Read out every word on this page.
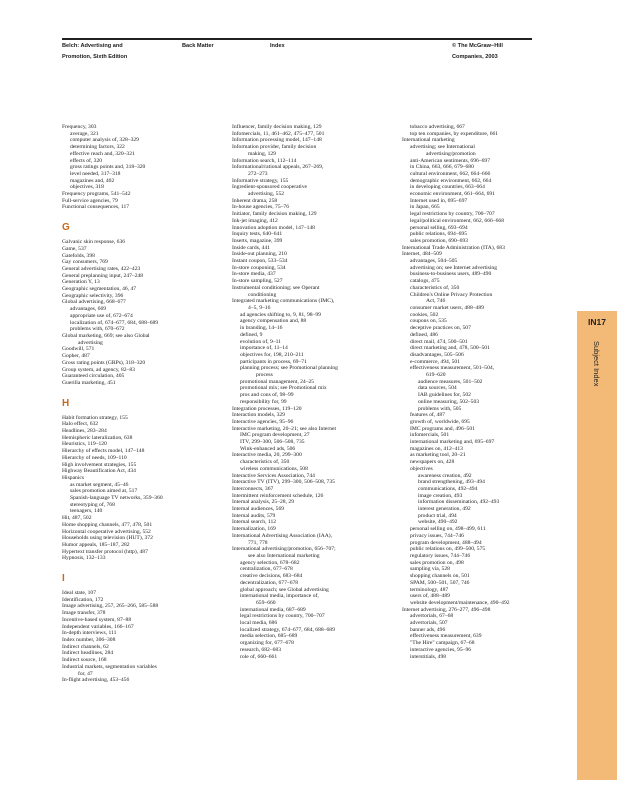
Belch: Advertising and
Promotion, Sixth Edition
Back Matter	Index	© The McGraw−Hill
Companies, 2003
Frequency, 303
average, 321
computer analysis of, 328–329
determining factors, 322
effective reach and, 320–321
effects of, 320
gross ratings points and, 318–320
level needed, 317–318
magazines and, 402
objectives, 318
Frequency programs, 541–542
Full-service agencies, 79
Functional consequences, 117
G
Galvanic skin response, 636
Game, 537
Gatefolds, 398
Gay consumers, 769
General advertising rates, 422–423
General preplanning input, 247–248
Generation Y, 13
Geographic segmentation, 46, 47
Geographic selectivity, 396
Global advertising, 668–677
advantages, 669
appropriate use of, 672–674
localization of, 674–677, 684, 688–689
problems with, 670–672
Global marketing, 669; see also Global
advertising
Goodwill, 571
Gopher, 487
Gross rating points (GRPs), 318–320
Group system, ad agency, 82–83
Guaranteed circulation, 405
Guerilla marketing, 451
H
Habit formation strategy, 155
Halo effect, 632
Headlines, 283–284
Hemispheric lateralization, 638
Heuristics, 119–120
Hierarchy of effects model, 147–148
Hierarchy of needs, 109–110
High involvement strategies, 155
Highway Beautification Act, 434
Hispanics
as market segment, 45–46
sales promotion aimed at, 517
Spanish-language TV networks, 359–360
stereotyping of, 768
teenagers, 140
Hit, 487, 502
Home shopping channels, 477, 478, 501
Horizontal cooperative advertising, 552
Households using television (HUT), 372
Humor appeals, 185–187, 282
Hypertext transfer protocol (http), 487
Hypnosis, 132–133
I
Ideal state, 107
Identification, 172
Image advertising, 257, 265–266, 585–588
Image transfer, 378
Incentive-based system, 87–88
Independent variables, 166–167
In-depth interviews, 111
Index number, 306–308
Indirect channels, 62
Indirect headlines, 284
Indirect source, 168
Industrial markets, segmentation variables
for, 47
In-flight advertising, 453–456
Influencer, family decision making, 129
Infomercials, 11, 461–462, 475–477, 501
Information processing model, 147–148
Information provider, family decision
making, 129
Information search, 112–114
Informational/rational appeals, 267–269,
272–273
Informative strategy, 155
Ingredient-sponsored cooperative
advertising, 552
Inherent drama, 258
In-house agencies, 75–76
Initiator, family decision making, 129
Ink-jet imaging, 412
Innovation adoption model, 147–148
Inquiry tests, 640–641
Inserts, magazine, 399
Inside cards, 441
Inside-out planning, 210
Instant coupon, 533–534
In-store couponing, 534
In-store media, 437
In-store sampling, 527
Instrumental conditioning; see Operant
conditioning
Integrated marketing communications (IMC),
4–5, 9–16
ad agencies shifting to, 9, 81, 98–99
agency compensation and, 88
in branding, 14–16
defined, 9
evolution of, 9–11
importance of, 11–14
objectives for, 198, 210–211
participants in process, 69–71
planning process; see Promotional planning
process
promotional management, 24–25
promotional mix; see Promotional mix
pros and cons of, 98–99
responsibility for, 99
Integration processes, 119–120
Interaction models, 329
Interactive agencies, 95–96
Interactive marketing, 20–21; see also Internet
IMC program development, 27
ITV, 299–300, 506–508, 735
Wink-enhanced ads, 506
Interactive media, 20, 299–300
characteristics of, 350
wireless communications, 508
Interactive Services Association, 744
Interactive TV (ITV), 299–300, 506–508, 735
Interconnects, 367
Intermittent reinforcement schedule, 126
Internal analysis, 25–28, 29
Internal audiences, 569
Internal audits, 579
Internal search, 112
Internalization, 169
International Advertising Association (IAA),
771, 778
International advertising/promotion, 656–707;
see also International marketing
agency selection, 678–682
centralization, 677–678
creative decisions, 683–684
decentralization, 677–678
global approach; see Global advertising
international media, importance of,
659–660
international media, 687–689
legal restrictions by country, 700–707
local media, 686
localized strategy, 674–677, 684, 688–689
media selection, 685–689
organizing for, 677–678
research, 682–683
role of, 660–661
tobacco advertising, 667
top ten companies, by expenditure, 661
International marketing
advertising; see International
advertising/promotion
anti-American sentiments, 696–697
in China, 663, 666, 679–680
cultural environment, 662, 664–666
demographic environment, 662, 664
in developing countries, 663–664
economic environment, 661–664, 691
Internet used in, 695–697
in Japan, 665
legal restrictions by country, 700–707
legal/political environment, 662, 666–668
personal selling, 693–694
public relations, 694–695
sales promotion, 690–693
International Trade Administration (ITA), 683
Internet, 484–509
advantages, 504–505
advertising on; see Internet advertising
business-to-business users, 489–490
catalogs, 475
characteristics of, 350
Children's Online Privacy Protection
Act, 746
consumer market users, 488–489
cookies, 502
coupons on, 535
deceptive practices on, 507
defined, 486
direct mail, 474, 500–501
direct marketing and, 478, 500–501
disadvantages, 505–506
e-commerce, 494, 501
effectiveness measurement, 501–504,
619–620
audience measures, 501–502
data sources, 504
IAB guidelines for, 502
online measuring, 502–503
problems with, 505
features of, 487
growth of, worldwide, 695
IMC programs and, 496–501
infomercials, 501
international marketing and, 695–697
magazines on, 412–413
as marketing tool, 20–21
newspapers on, 428
objectives
awareness creation, 492
brand strengthening, 493–494
communications, 492–494
image creation, 493
information dissemination, 492–493
interest generation, 492
product trial, 494
website, 490–492
personal selling on, 498–499, 611
privacy issues, 744–746
program development, 488–494
public relations on, 499–500, 575
regulatory issues, 744–746
sales promotion on, 498
sampling via, 528
shopping channels on, 501
SPAM, 500–501, 507, 746
terminology, 487
users of, 488–489
website development/maintenance, 490–492
Internet advertising, 276–277, 496–498
advertorials, 67–68
advertorials, 507
banner ads, 496
effectiveness measurement, 639
"The Hire" campaign, 67–68
interactive agencies, 95–96
interstitials, 498
IN17
Subject Index
